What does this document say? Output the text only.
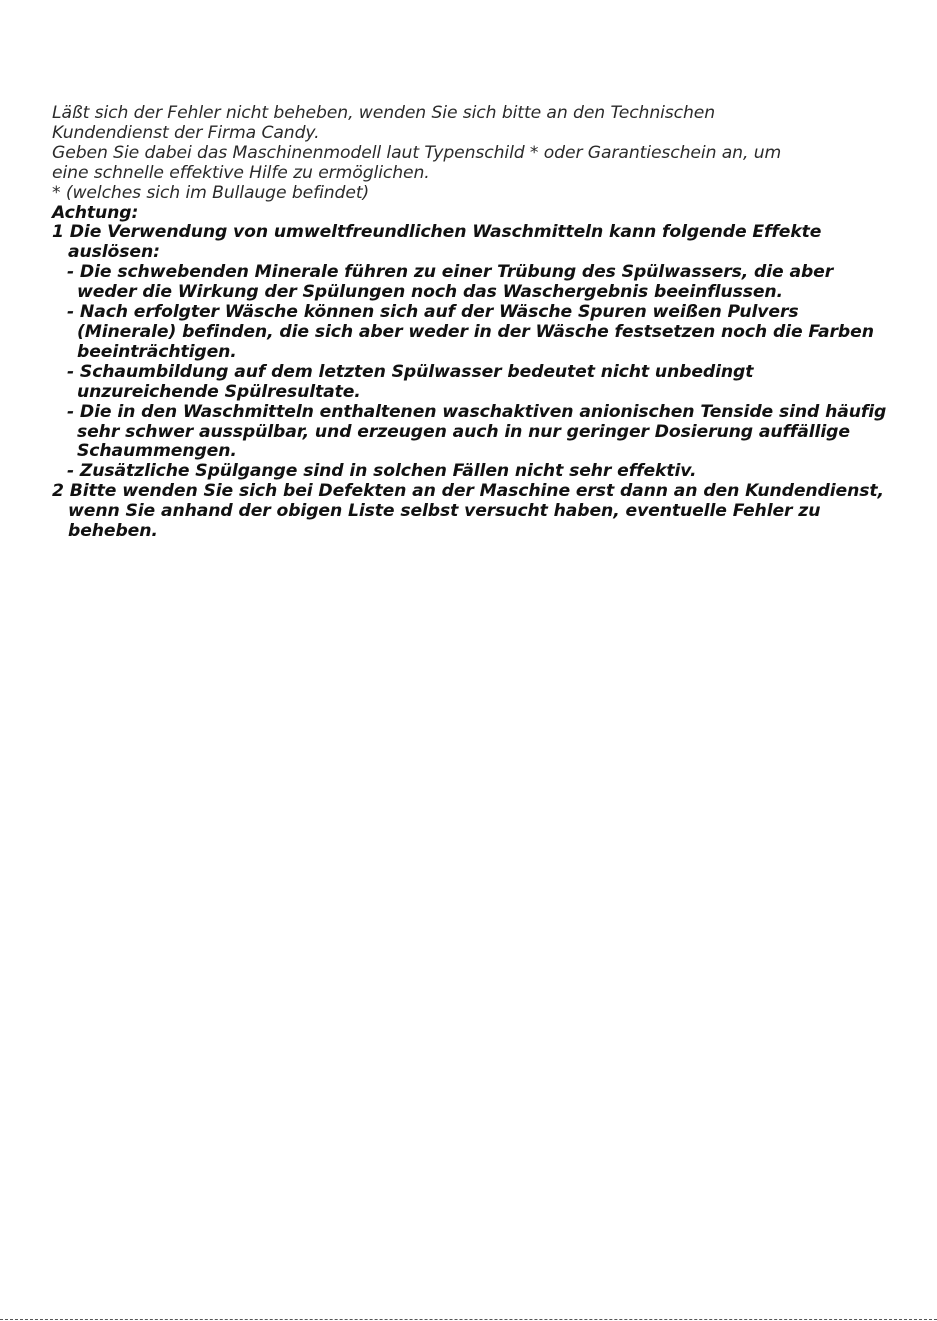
Läßt sich der Fehler nicht beheben, wenden Sie sich bitte an den Technischen
Kundendienst der Firma Candy.
Geben Sie dabei das Maschinenmodell laut Typenschild * oder Garantieschein an, um
eine schnelle effektive Hilfe zu ermöglichen.
* (welches sich im Bullauge befindet)
Achtung:
1 Die Verwendung von umweltfreundlichen Waschmitteln kann folgende Effekte
auslösen:
- Die schwebenden Minerale führen zu einer Trübung des Spülwassers, die aber
weder die Wirkung der Spülungen noch das Waschergebnis beeinflussen.
- Nach erfolgter Wäsche können sich auf der Wäsche Spuren weißen Pulvers
(Minerale) befinden, die sich aber weder in der Wäsche festsetzen noch die Farben
beeinträchtigen.
- Schaumbildung auf dem letzten Spülwasser bedeutet nicht unbedingt
unzureichende Spülresultate.
- Die in den Waschmitteln enthaltenen waschaktiven anionischen Tenside sind häufig
sehr schwer ausspülbar, und erzeugen auch in nur geringer Dosierung auffällige
Schaummengen.
- Zusätzliche Spülgange sind in solchen Fällen nicht sehr effektiv.
2 Bitte wenden Sie sich bei Defekten an der Maschine erst dann an den Kundendienst,
wenn Sie anhand der obigen Liste selbst versucht haben, eventuelle Fehler zu
beheben.
